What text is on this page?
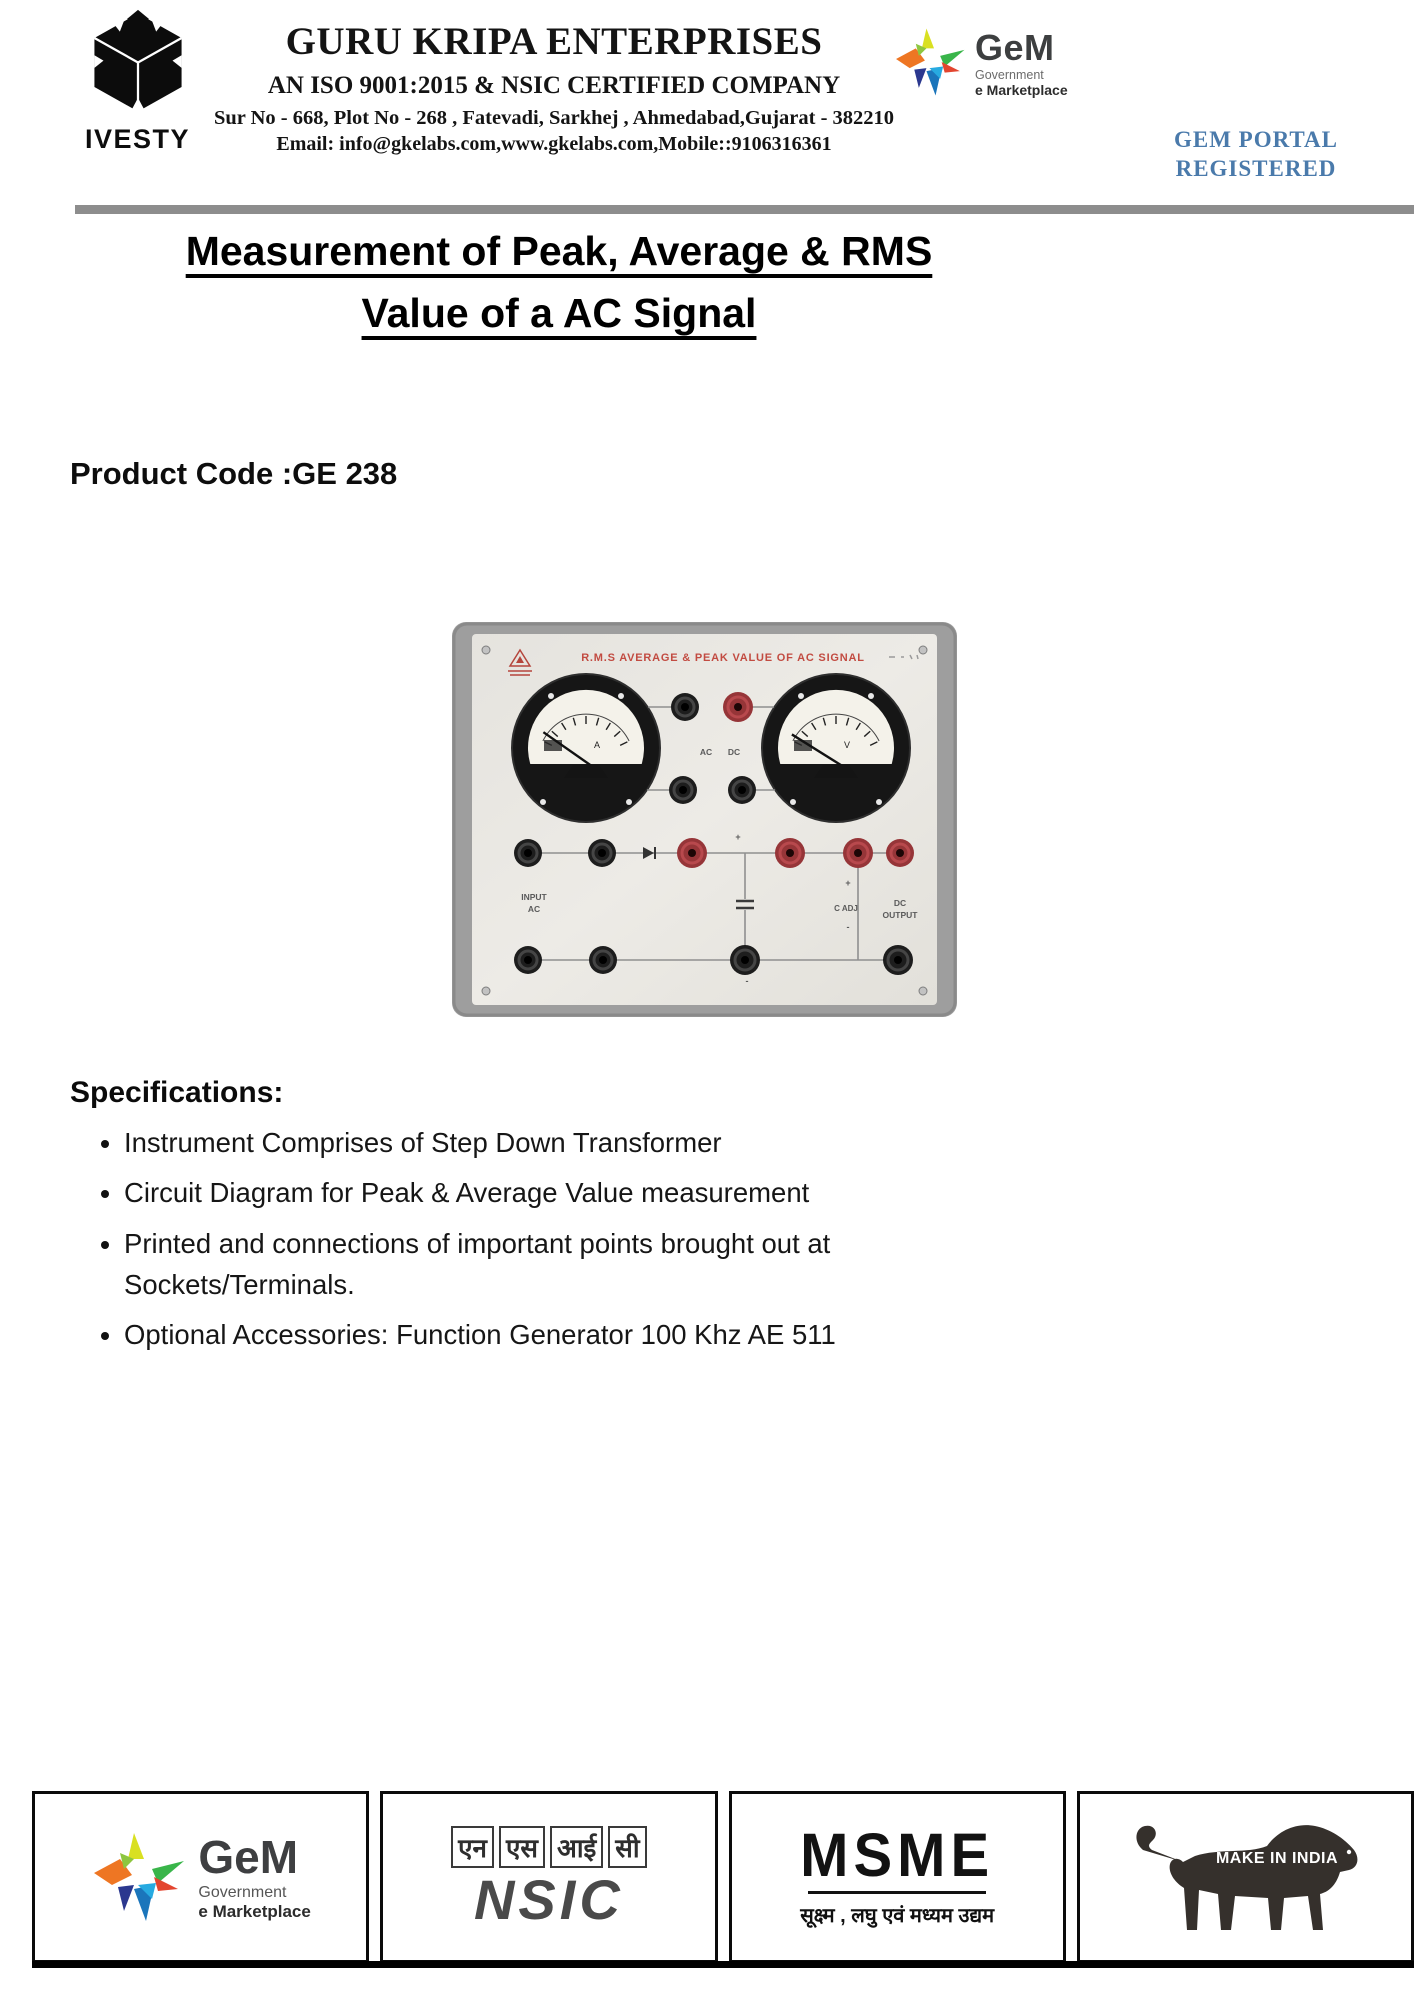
IVESTY
GURU KRIPA ENTERPRISES
AN ISO 9001:2015 & NSIC CERTIFIED COMPANY
Sur No - 668, Plot No - 268 , Fatevadi, Sarkhej , Ahmedabad,Gujarat - 382210
Email: info@gkelabs.com,www.gkelabs.com,Mobile::9106316361
GeM
Government
e Marketplace
GEM PORTAL
REGISTERED
Measurement of Peak, Average & RMS
Value of a AC Signal
Product Code :GE 238
R.M.S AVERAGE & PEAK VALUE OF AC SIGNAL
A	V
AC DC
INPUT
AC
+
-
+
C ADJ
-
DC
OUTPUT
Specifications:
• Instrument Comprises of Step Down Transformer
• Circuit Diagram for Peak & Average Value measurement
• Printed and connections of important points brought out at Sockets/Terminals.
• Optional Accessories: Function Generator 100 Khz AE 511
GeM
Government
e Marketplace
एन एस आई सी
NSIC
MSME
सूक्ष्म , लघु एवं मध्यम उद्यम
MAKE IN INDIA
